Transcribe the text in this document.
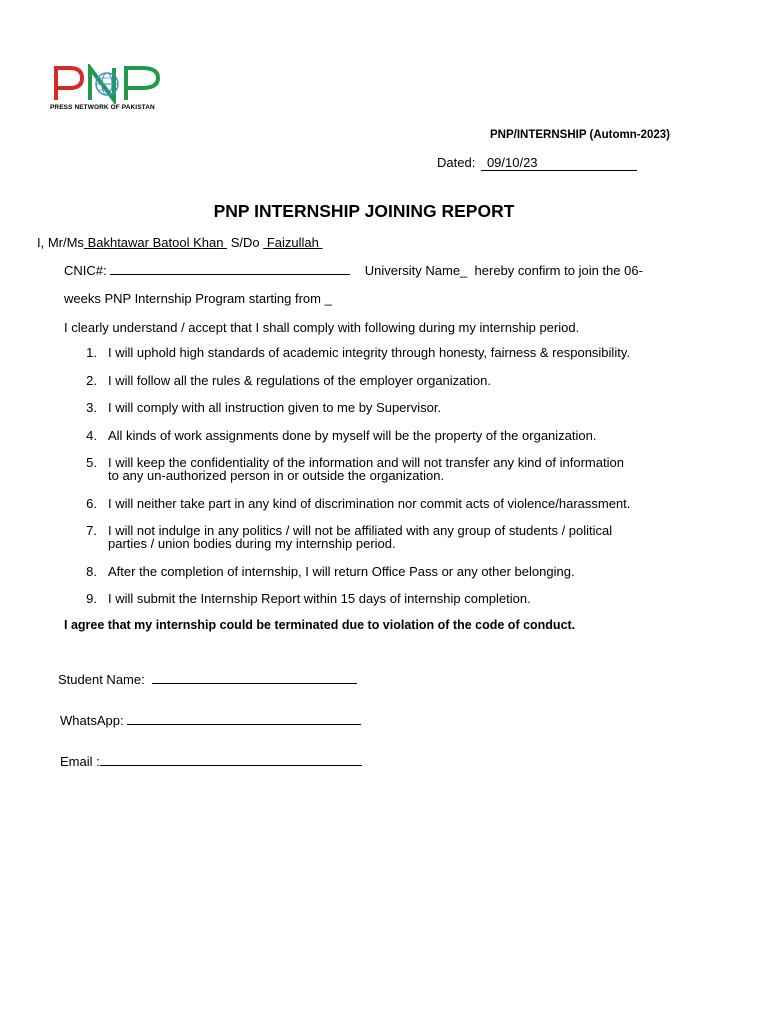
PRESS NETWORK OF PAKISTAN
PNP/INTERNSHIP (Automn-2023)
Dated: 09/10/23
PNP INTERNSHIP JOINING REPORT
I, Mr/Ms Bakhtawar Batool Khan S/Do Faizullah
CNIC#:	University Name_ hereby confirm to join the 06-
weeks PNP Internship Program starting from _
I clearly understand / accept that I shall comply with following during my internship period.
1. I will uphold high standards of academic integrity through honesty, fairness & responsibility.
2. I will follow all the rules & regulations of the employer organization.
3. I will comply with all instruction given to me by Supervisor.
4. All kinds of work assignments done by myself will be the property of the organization.
5. I will keep the confidentiality of the information and will not transfer any kind of information
to any un-authorized person in or outside the organization.
6. I will neither take part in any kind of discrimination nor commit acts of violence/harassment.
7. I will not indulge in any politics / will not be affiliated with any group of students / political
parties / union bodies during my internship period.
8. After the completion of internship, I will return Office Pass or any other belonging.
9. I will submit the Internship Report within 15 days of internship completion.
I agree that my internship could be terminated due to violation of the code of conduct.
Student Name:
WhatsApp:
Email :
